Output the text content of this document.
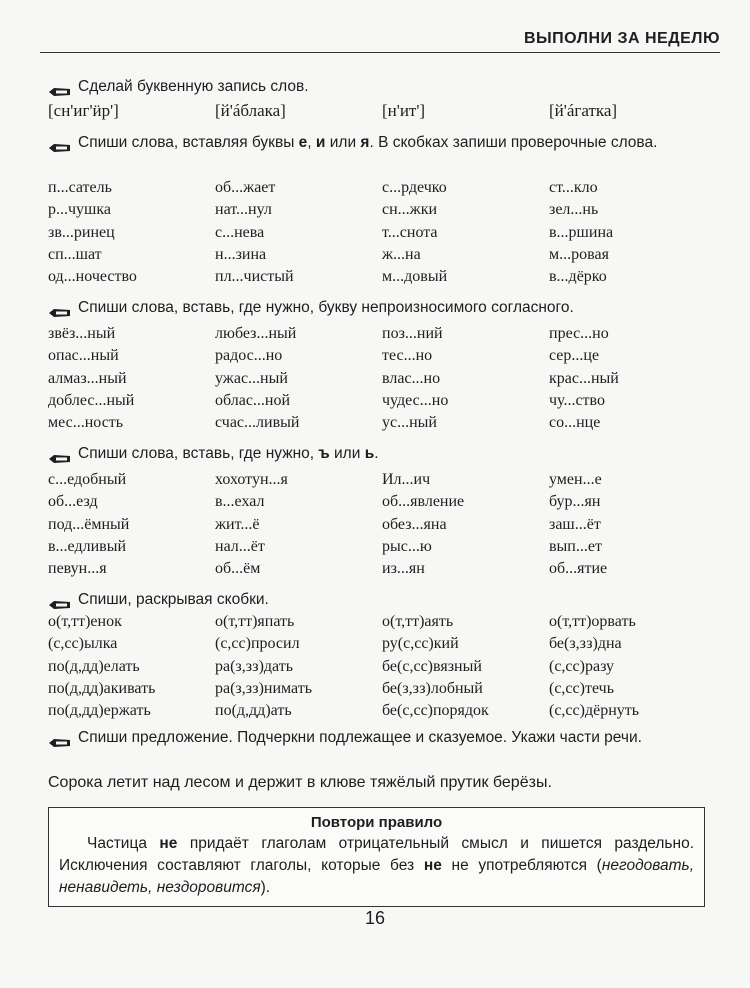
ВЫПОЛНИ ЗА НЕДЕЛЮ
Сделай буквенную запись слов.
[сн'иг'ӥр']	[й'áблака]	[н'ит']	[й'áгатка]
Спиши слова, вставляя буквы е, и или я. В скобках запиши проверочные слова.
п...сатель	об...жает	с...рдечко	ст...кло
р...чушка	нат...нул	сн...жки	зел...нь
зв...ринец	с...нева	т...снота	в...ршина
сп...шат	н...зина	ж...на	м...ровая
од...ночество	пл...чистый	м...довый	в...дёрко
Спиши слова, вставь, где нужно, букву непроизносимого согласного.
звёз...ный	любез...ный	поз...ний	прес...но
опас...ный	радос...но	тес...но	сер...це
алмаз...ный	ужас...ный	влас...но	крас...ный
доблес...ный	облас...ной	чудес...но	чу...ство
мес...ность	счас...ливый	ус...ный	со...нце
Спиши слова, вставь, где нужно, ъ или ь.
с...едобный	хохотун...я	Ил...ич	умен...е
об...езд	в...ехал	об...явление	бур...ян
под...ёмный	жит...ё	обез...яна	заш...ёт
в...едливый	нал...ёт	рыс...ю	вып...ет
певун...я	об...ём	из...ян	об...ятие
Спиши, раскрывая скобки.
о(т,тт)енок	о(т,тт)япать	о(т,тт)аять	о(т,тт)орвать
(с,сс)ылка	(с,сс)просил	ру(с,сс)кий	бе(з,зз)дна
по(д,дд)елать	ра(з,зз)дать	бе(с,сс)вязный	(с,сс)разу
по(д,дд)акивать	ра(з,зз)нимать	бе(з,зз)лобный	(с,сс)течь
по(д,дд)ержать	по(д,дд)ать	бе(с,сс)порядок	(с,сс)дёрнуть
Спиши предложение. Подчеркни подлежащее и сказуемое. Укажи части речи.
Сорока летит над лесом и держит в клюве тяжёлый прутик берёзы.
Повтори правило
Частица не придаёт глаголам отрицательный смысл и пишется раздельно. Исключения составляют глаголы, которые без не не употребляются (негодовать, ненавидеть, нездоровится).
16
